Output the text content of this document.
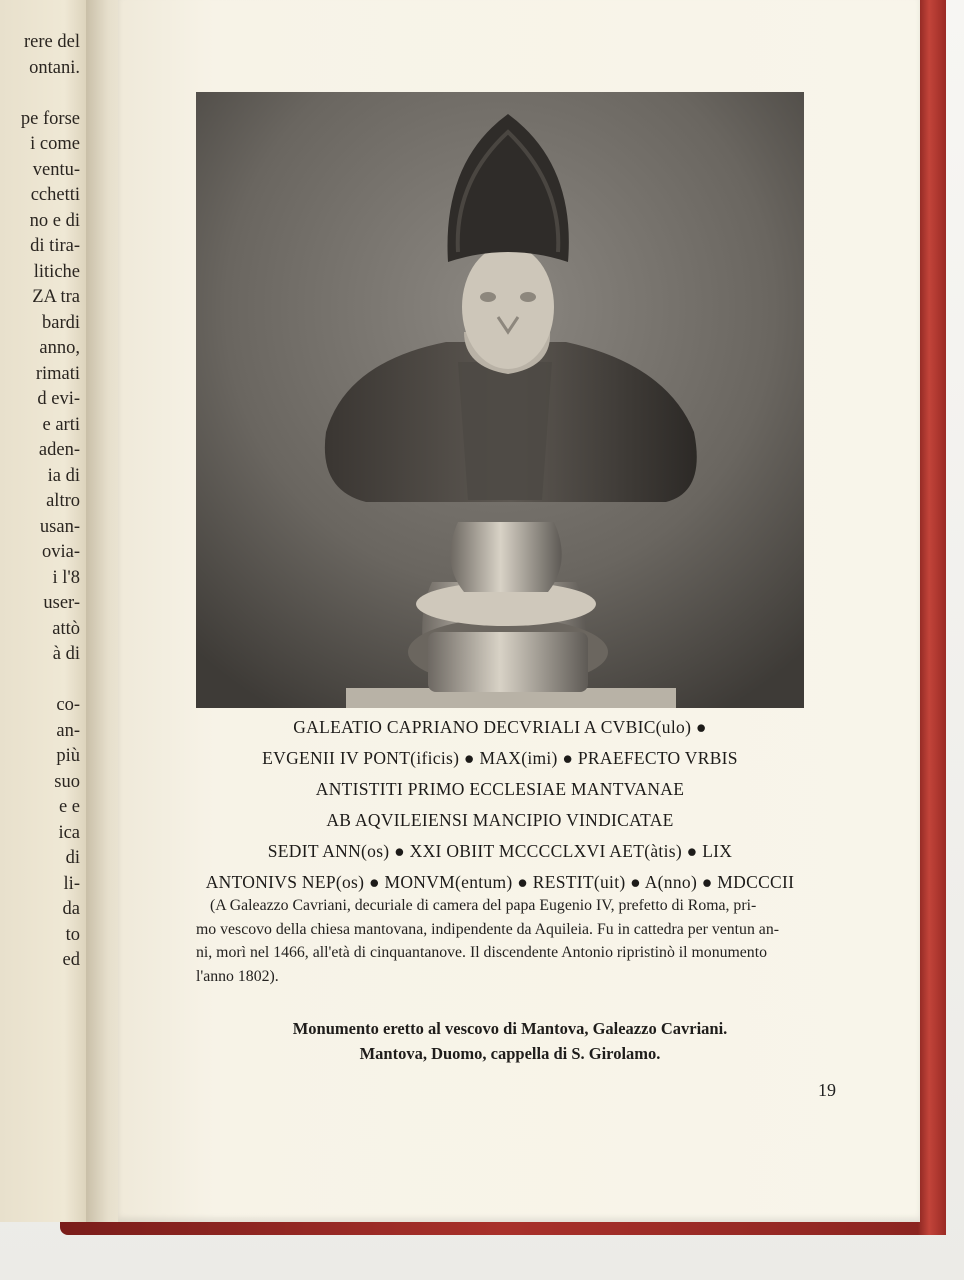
rere del
ontani.
pe forse
i come
ventu-
cchetti
no e di
di tira-
litiche
ZA tra
bardi
anno,
rimati
d evi-
e arti
aden-
ia di
altro
usan-
ovia-
i l'8
user-
attò
à di
co-
an-
più
suo
e e
ica
di
li-
da
to
ed
GALEATIO CAPRIANO DECVRIALI A CVBIC(ulo) ●
EVGENII IV PONT(ificis) ● MAX(imi) ● PRAEFECTO VRBIS
ANTISTITI PRIMO ECCLESIAE MANTVANAE
AB AQVILEIENSI MANCIPIO VINDICATAE
SEDIT ANN(os) ● XXI OBIIT MCCCCLXVI AET(àtis) ● LIX
ANTONIVS NEP(os) ● MONVM(entum) ● RESTIT(uit) ● A(nno) ● MDCCCII
(A Galeazzo Cavriani, decuriale di camera del papa Eugenio IV, prefetto di Roma, pri-
mo vescovo della chiesa mantovana, indipendente da Aquileia. Fu in cattedra per ventun an-
ni, morì nel 1466, all'età di cinquantanove. Il discendente Antonio ripristinò il monumento
l'anno 1802).
Monumento eretto al vescovo di Mantova, Galeazzo Cavriani.
Mantova, Duomo, cappella di S. Girolamo.
19
